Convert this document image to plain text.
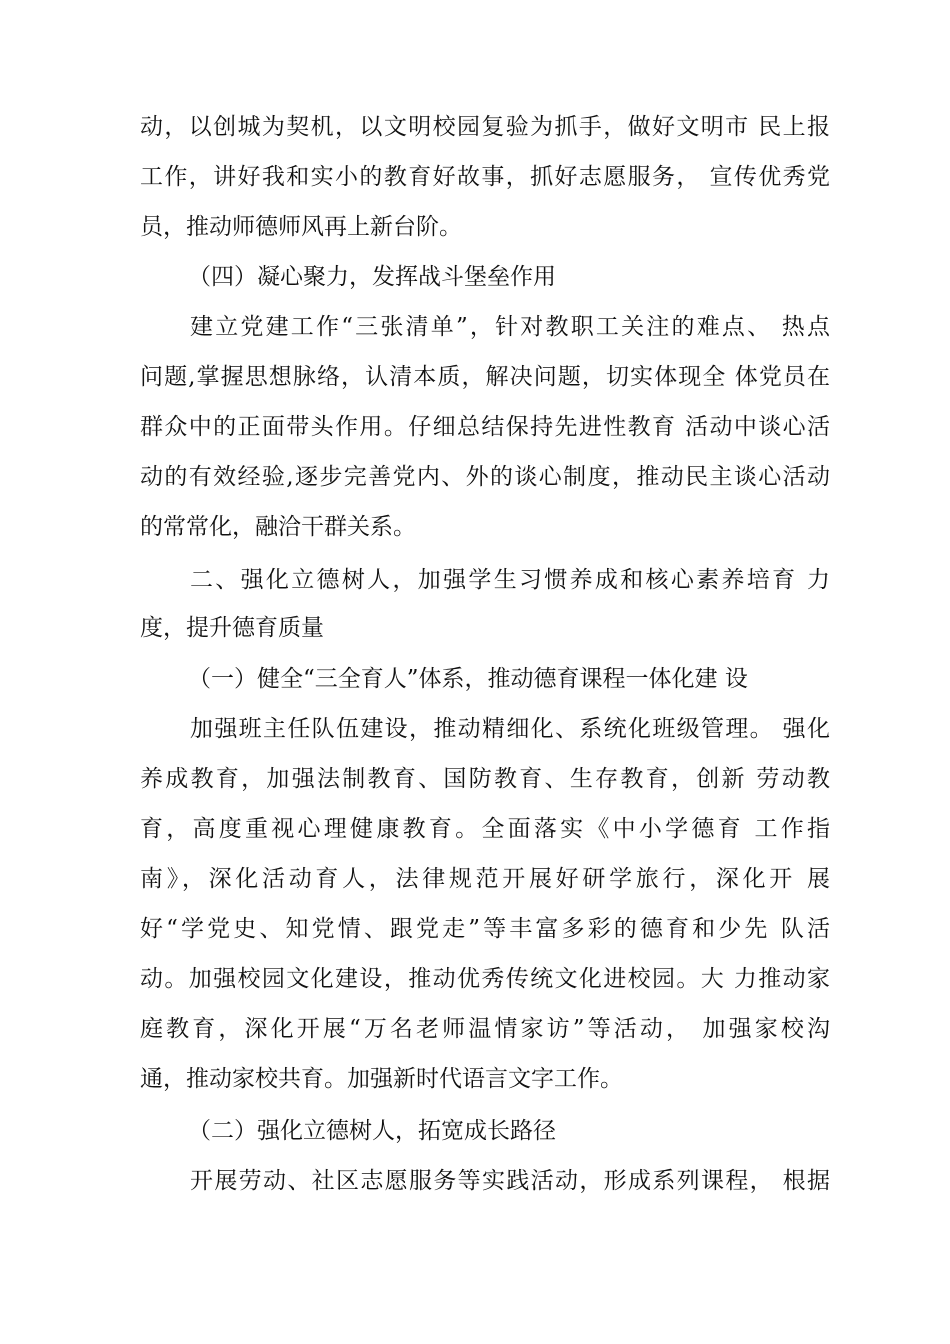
动，以创城为契机，以文明校园复验为抓手，做好文明市 民上报
工作，讲好我和实小的教育好故事，抓好志愿服务， 宣传优秀党
员，推动师德师风再上新台阶。
（四）凝心聚力，发挥战斗堡垒作用
建立党建工作“三张清单”，针对教职工关注的难点、 热点
问题,掌握思想脉络，认清本质，解决问题，切实体现全 体党员在
群众中的正面带头作用。仔细总结保持先进性教育 活动中谈心活
动的有效经验,逐步完善党内、外的谈心制度，推动民主谈心活动
的常常化，融洽干群关系。
二、强化立德树人，加强学生习惯养成和核心素养培育 力
度，提升德育质量
（一）健全“三全育人”体系，推动德育课程一体化建 设
加强班主任队伍建设，推动精细化、系统化班级管理。 强化
养成教育，加强法制教育、国防教育、生存教育，创新 劳动教
育，高度重视心理健康教育。全面落实《中小学德育 工作指
南》，深化活动育人，法律规范开展好研学旅行，深化开 展
好“学党史、知党情、跟党走”等丰富多彩的德育和少先 队活
动。加强校园文化建设，推动优秀传统文化进校园。大 力推动家
庭教育，深化开展“万名老师温情家访”等活动， 加强家校沟
通，推动家校共育。加强新时代语言文字工作。
（二）强化立德树人，拓宽成长路径
开展劳动、社区志愿服务等实践活动，形成系列课程， 根据
